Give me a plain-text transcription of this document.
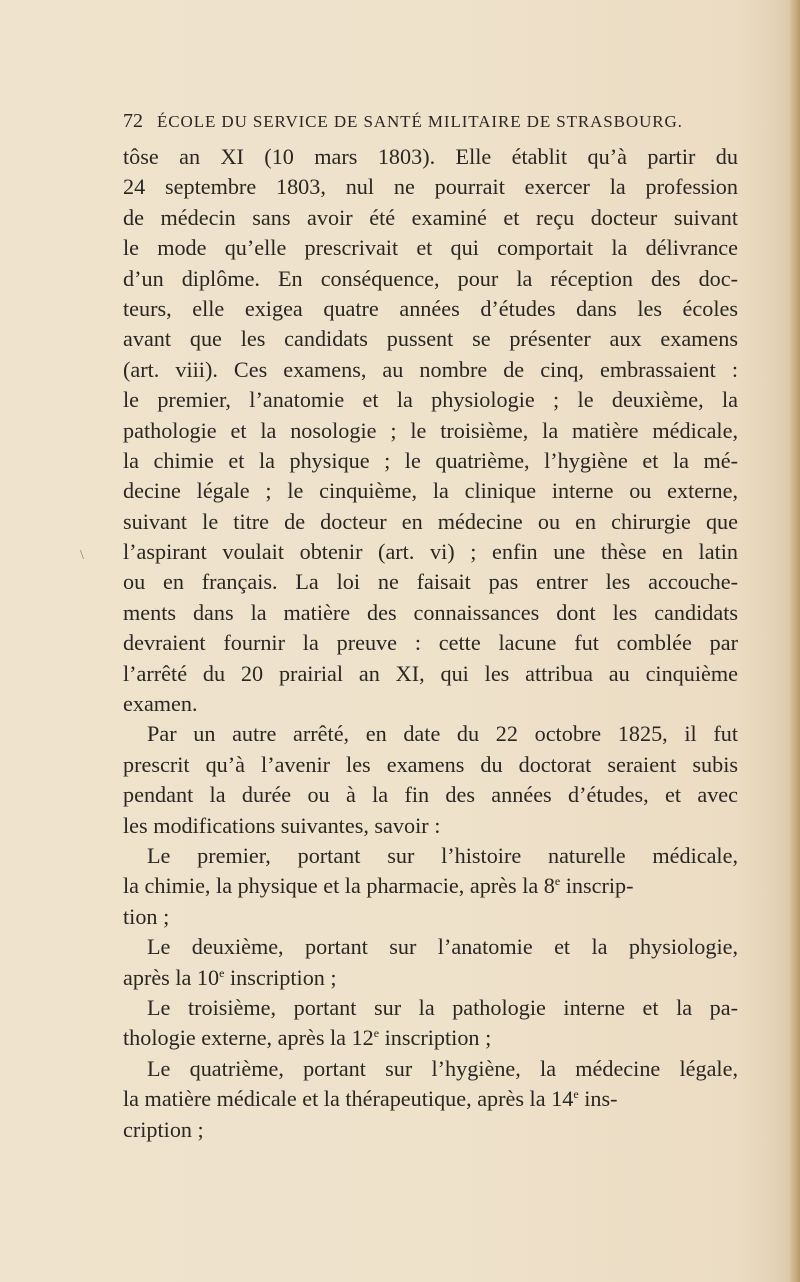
72 ÉCOLE DU SERVICE DE SANTÉ MILITAIRE DE STRASBOURG.
\
tôse an XI (10 mars 1803). Elle établit qu’à partir du
24 septembre 1803, nul ne pourrait exercer la profession
de médecin sans avoir été examiné et reçu docteur suivant
le mode qu’elle prescrivait et qui comportait la délivrance
d’un diplôme. En conséquence, pour la réception des doc-
teurs, elle exigea quatre années d’études dans les écoles
avant que les candidats pussent se présenter aux examens
(art. viii). Ces examens, au nombre de cinq, embrassaient :
le premier, l’anatomie et la physiologie ; le deuxième, la
pathologie et la nosologie ; le troisième, la matière médicale,
la chimie et la physique ; le quatrième, l’hygiène et la mé-
decine légale ; le cinquième, la clinique interne ou externe,
suivant le titre de docteur en médecine ou en chirurgie que
l’aspirant voulait obtenir (art. vi) ; enfin une thèse en latin
ou en français. La loi ne faisait pas entrer les accouche-
ments dans la matière des connaissances dont les candidats
devraient fournir la preuve : cette lacune fut comblée par
l’arrêté du 20 prairial an XI, qui les attribua au cinquième
examen.
Par un autre arrêté, en date du 22 octobre 1825, il fut
prescrit qu’à l’avenir les examens du doctorat seraient subis
pendant la durée ou à la fin des années d’études, et avec
les modifications suivantes, savoir :
Le premier, portant sur l’histoire naturelle médicale,
la chimie, la physique et la pharmacie, après la 8e inscrip-
tion ;
Le deuxième, portant sur l’anatomie et la physiologie,
après la 10e inscription ;
Le troisième, portant sur la pathologie interne et la pa-
thologie externe, après la 12e inscription ;
Le quatrième, portant sur l’hygiène, la médecine légale,
la matière médicale et la thérapeutique, après la 14e ins-
cription ;
